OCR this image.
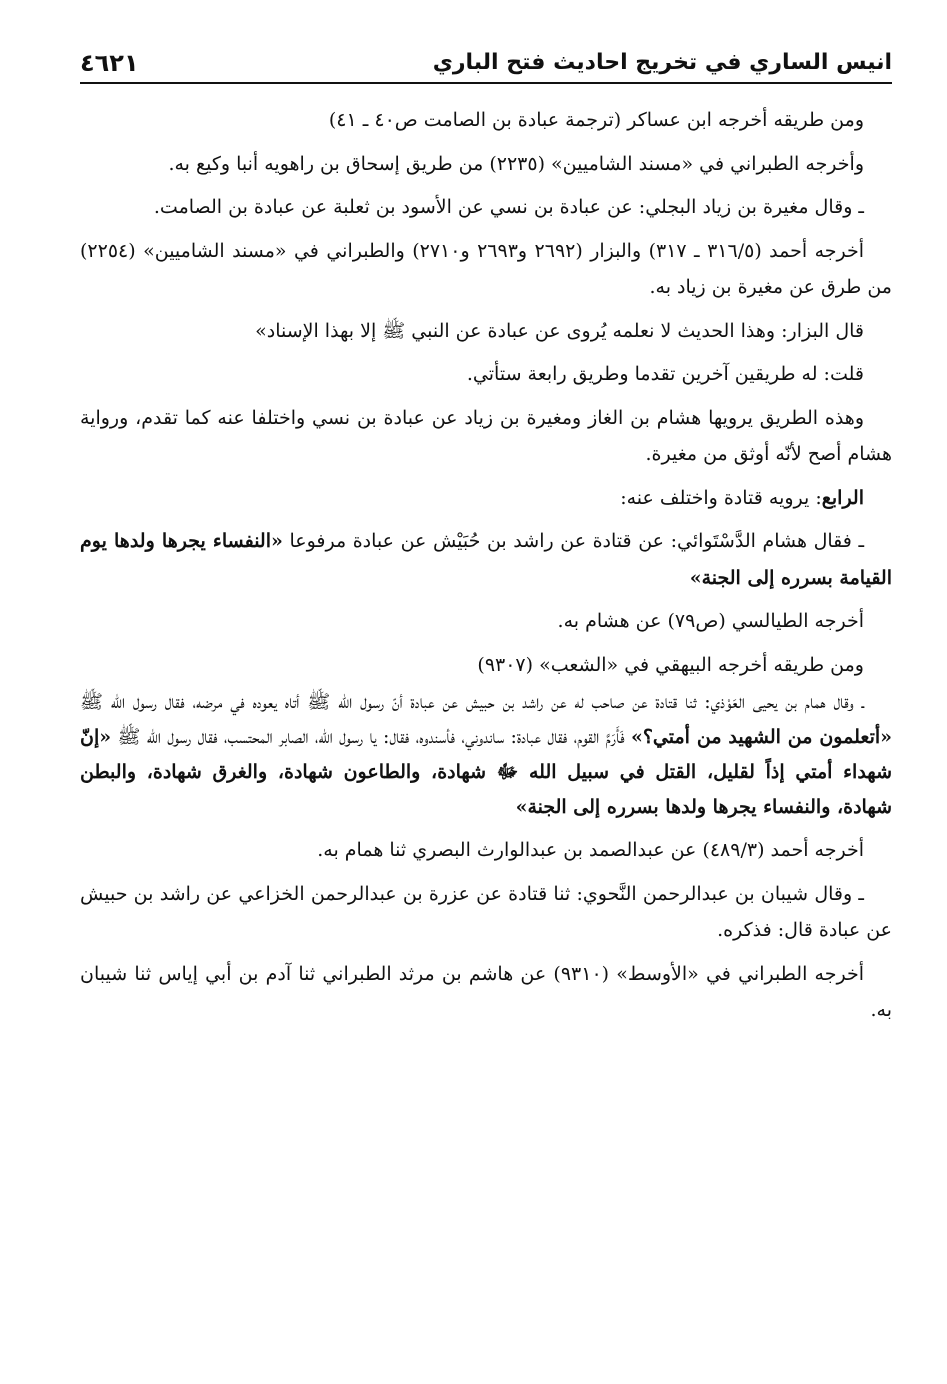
انيس الساري في تخريج احاديث فتح الباري
٤٦٢١

ومن طريقه أخرجه ابن عساكر (ترجمة عبادة بن الصامت ص٤٠ ـ ٤١)

وأخرجه الطبراني في «مسند الشاميين» (٢٢٣٥) من طريق إسحاق بن راهويه أنبا وكيع به.

ـ وقال مغيرة بن زياد البجلي: عن عبادة بن نسي عن الأسود بن ثعلبة عن عبادة بن الصامت.

أخرجه أحمد (٣١٦/٥ ـ ٣١٧) والبزار (٢٦٩٢ و٢٦٩٣ و٢٧١٠) والطبراني في «مسند الشاميين» (٢٢٥٤) من طرق عن مغيرة بن زياد به.

قال البزار: وهذا الحديث لا نعلمه يُروى عن عبادة عن النبي ﷺ إلا بهذا الإسناد»

قلت: له طريقين آخرين تقدما وطريق رابعة ستأتي.

وهذه الطريق يرويها هشام بن الغاز ومغيرة بن زياد عن عبادة بن نسي واختلفا عنه كما تقدم، ورواية هشام أصح لأنّه أوثق من مغيرة.

الرابع: يرويه قتادة واختلف عنه:

ـ فقال هشام الدَّسْتَوائي: عن قتادة عن راشد بن حُبَيْش عن عبادة مرفوعا «النفساء يجرها ولدها يوم القيامة بسرره إلى الجنة»

أخرجه الطيالسي (ص٧٩) عن هشام به.

ومن طريقه أخرجه البيهقي في «الشعب» (٩٣٠٧)

ـ وقال همام بن يحيى العَوْذي: ثنا قتادة عن صاحب له عن راشد بن حبيش عن عبادة أنّ رسول الله ﷺ أتاه يعوده في مرضه، فقال رسول الله ﷺ «أتعلمون من الشهيد من أمتي؟» فَأَرَمَّ القوم، فقال عبادة: ساندوني، فأسندوه، فقال: يا رسول الله، الصابر المحتسب، فقال رسول الله ﷺ «إنّ شهداء أمتي إذاً لقليل، القتل في سبيل الله ﷻ شهادة، والطاعون شهادة، والغرق شهادة، والبطن شهادة، والنفساء يجرها ولدها بسرره إلى الجنة»

أخرجه أحمد (٤٨٩/٣) عن عبدالصمد بن عبدالوارث البصري ثنا همام به.

ـ وقال شيبان بن عبدالرحمن النَّحوي: ثنا قتادة عن عزرة بن عبدالرحمن الخزاعي عن راشد بن حبيش عن عبادة قال: فذكره.

أخرجه الطبراني في «الأوسط» (٩٣١٠) عن هاشم بن مرثد الطبراني ثنا آدم بن أبي إياس ثنا شيبان به.
